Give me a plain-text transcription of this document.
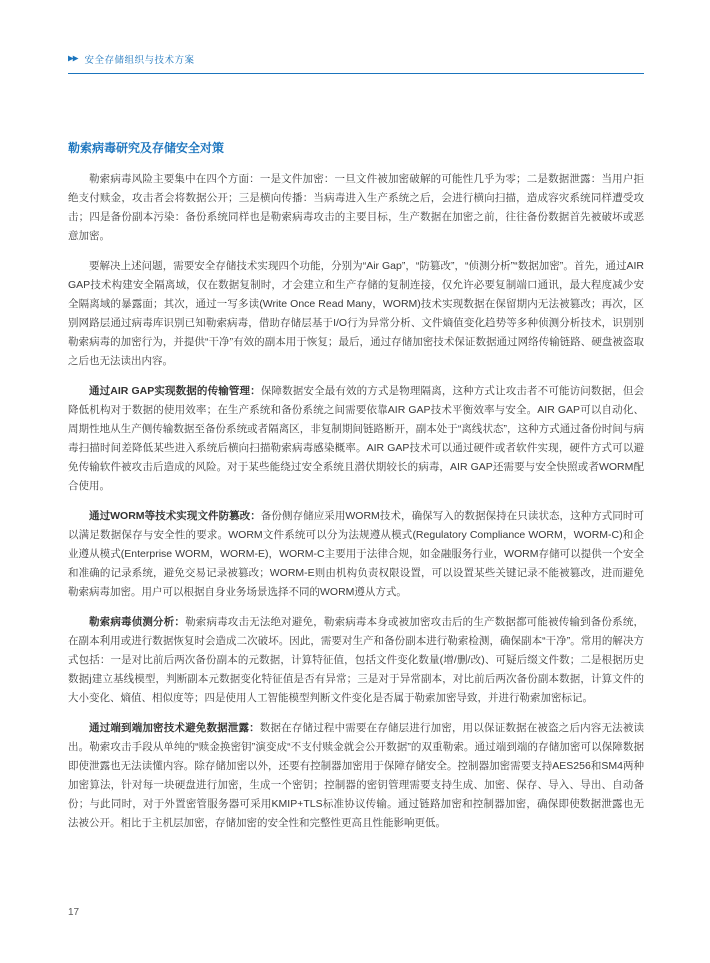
▶▶ 安全存储组织与技术方案
勒索病毒研究及存储安全对策

勒索病毒风险主要集中在四个方面：一是文件加密：一旦文件被加密破解的可能性几乎为零；二是数据泄露：当用户拒绝支付赎金，攻击者会将数据公开；三是横向传播：当病毒进入生产系统之后，会进行横向扫描，造成容灾系统同样遭受攻击；四是备份副本污染：备份系统同样也是勒索病毒攻击的主要目标，生产数据在加密之前，往往备份数据首先被破坏或恶意加密。

要解决上述问题，需要安全存储技术实现四个功能，分别为“Air Gap”，“防篡改”，“侦测分析”“数据加密”。首先，通过AIR GAP技术构建安全隔离域，仅在数据复制时，才会建立和生产存储的复制连接，仅允许必要复制端口通讯，最大程度减少安全隔离域的暴露面；其次，通过一写多读(Write Once Read Many，WORM)技术实现数据在保留期内无法被篡改；再次，区别网路层通过病毒库识别已知勒索病毒，借助存储层基于I/O行为异常分析、文件熵值变化趋势等多种侦测分析技术，识别别勒索病毒的加密行为，并提供“干净”有效的副本用于恢复；最后，通过存储加密技术保证数据通过网络传输链路、硬盘被盗取之后也无法读出内容。

通过AIR GAP实现数据的传输管理：保障数据安全最有效的方式是物理隔离，这种方式让攻击者不可能访问数据，但会降低机构对于数据的使用效率；在生产系统和备份系统之间需要依靠AIR GAP技术平衡效率与安全。AIR GAP可以自动化、周期性地从生产侧传输数据至备份系统或者隔离区，非复制期间链路断开，副本处于“离线状态”，这种方式通过备份时间与病毒扫描时间差降低某些进入系统后横向扫描勒索病毒感染概率。AIR GAP技术可以通过硬件或者软件实现，硬件方式可以避免传输软件被攻击后造成的风险。对于某些能绕过安全系统且潜伏期较长的病毒，AIR GAP还需要与安全快照或者WORM配合使用。

通过WORM等技术实现文件防篡改：备份侧存储应采用WORM技术，确保写入的数据保持在只读状态，这种方式同时可以满足数据保存与安全性的要求。WORM文件系统可以分为法规遵从模式(Regulatory Compliance WORM，WORM-C)和企业遵从模式(Enterprise WORM，WORM-E)，WORM-C主要用于法律合规，如金融服务行业，WORM存储可以提供一个安全和准确的记录系统，避免交易记录被篡改；WORM-E则由机构负责权限设置，可以设置某些关键记录不能被篡改，进而避免勒索病毒加密。用户可以根据自身业务场景选择不同的WORM遵从方式。

勒索病毒侦测分析：勒索病毒攻击无法绝对避免，勒索病毒本身或被加密攻击后的生产数据都可能被传输到备份系统，在副本利用或进行数据恢复时会造成二次破坏。因此，需要对生产和备份副本进行勒索检测，确保副本“干净”。常用的解决方式包括：一是对比前后两次备份副本的元数据，计算特征值，包括文件变化数量(增/删/改)、可疑后缀文件数；二是根据历史数据j建立基线模型，判断副本元数据变化特征值是否有异常；三是对于异常副本，对比前后两次备份副本数据，计算文件的大小变化、熵值、相似度等；四是使用人工智能模型判断文件变化是否属于勒索加密导致，并进行勒索加密标记。

通过端到端加密技术避免数据泄露：数据在存储过程中需要在存储层进行加密，用以保证数据在被盗之后内容无法被读出。勒索攻击手段从单纯的“赎金换密钥”演变成“不支付赎金就会公开数据”的双重勒索。通过端到端的存储加密可以保障数据即使泄露也无法读懂内容。除存储加密以外，还要有控制器加密用于保障存储安全。控制器加密需要支持AES256和SM4两种加密算法，针对每一块硬盘进行加密，生成一个密钥；控制器的密钥管理需要支持生成、加密、保存、导入、导出、自动备份；与此同时，对于外置密管服务器可采用KMIP+TLS标准协议传输。通过链路加密和控制器加密，确保即使数据泄露也无法被公开。相比于主机层加密，存储加密的安全性和完整性更高且性能影响更低。

17
